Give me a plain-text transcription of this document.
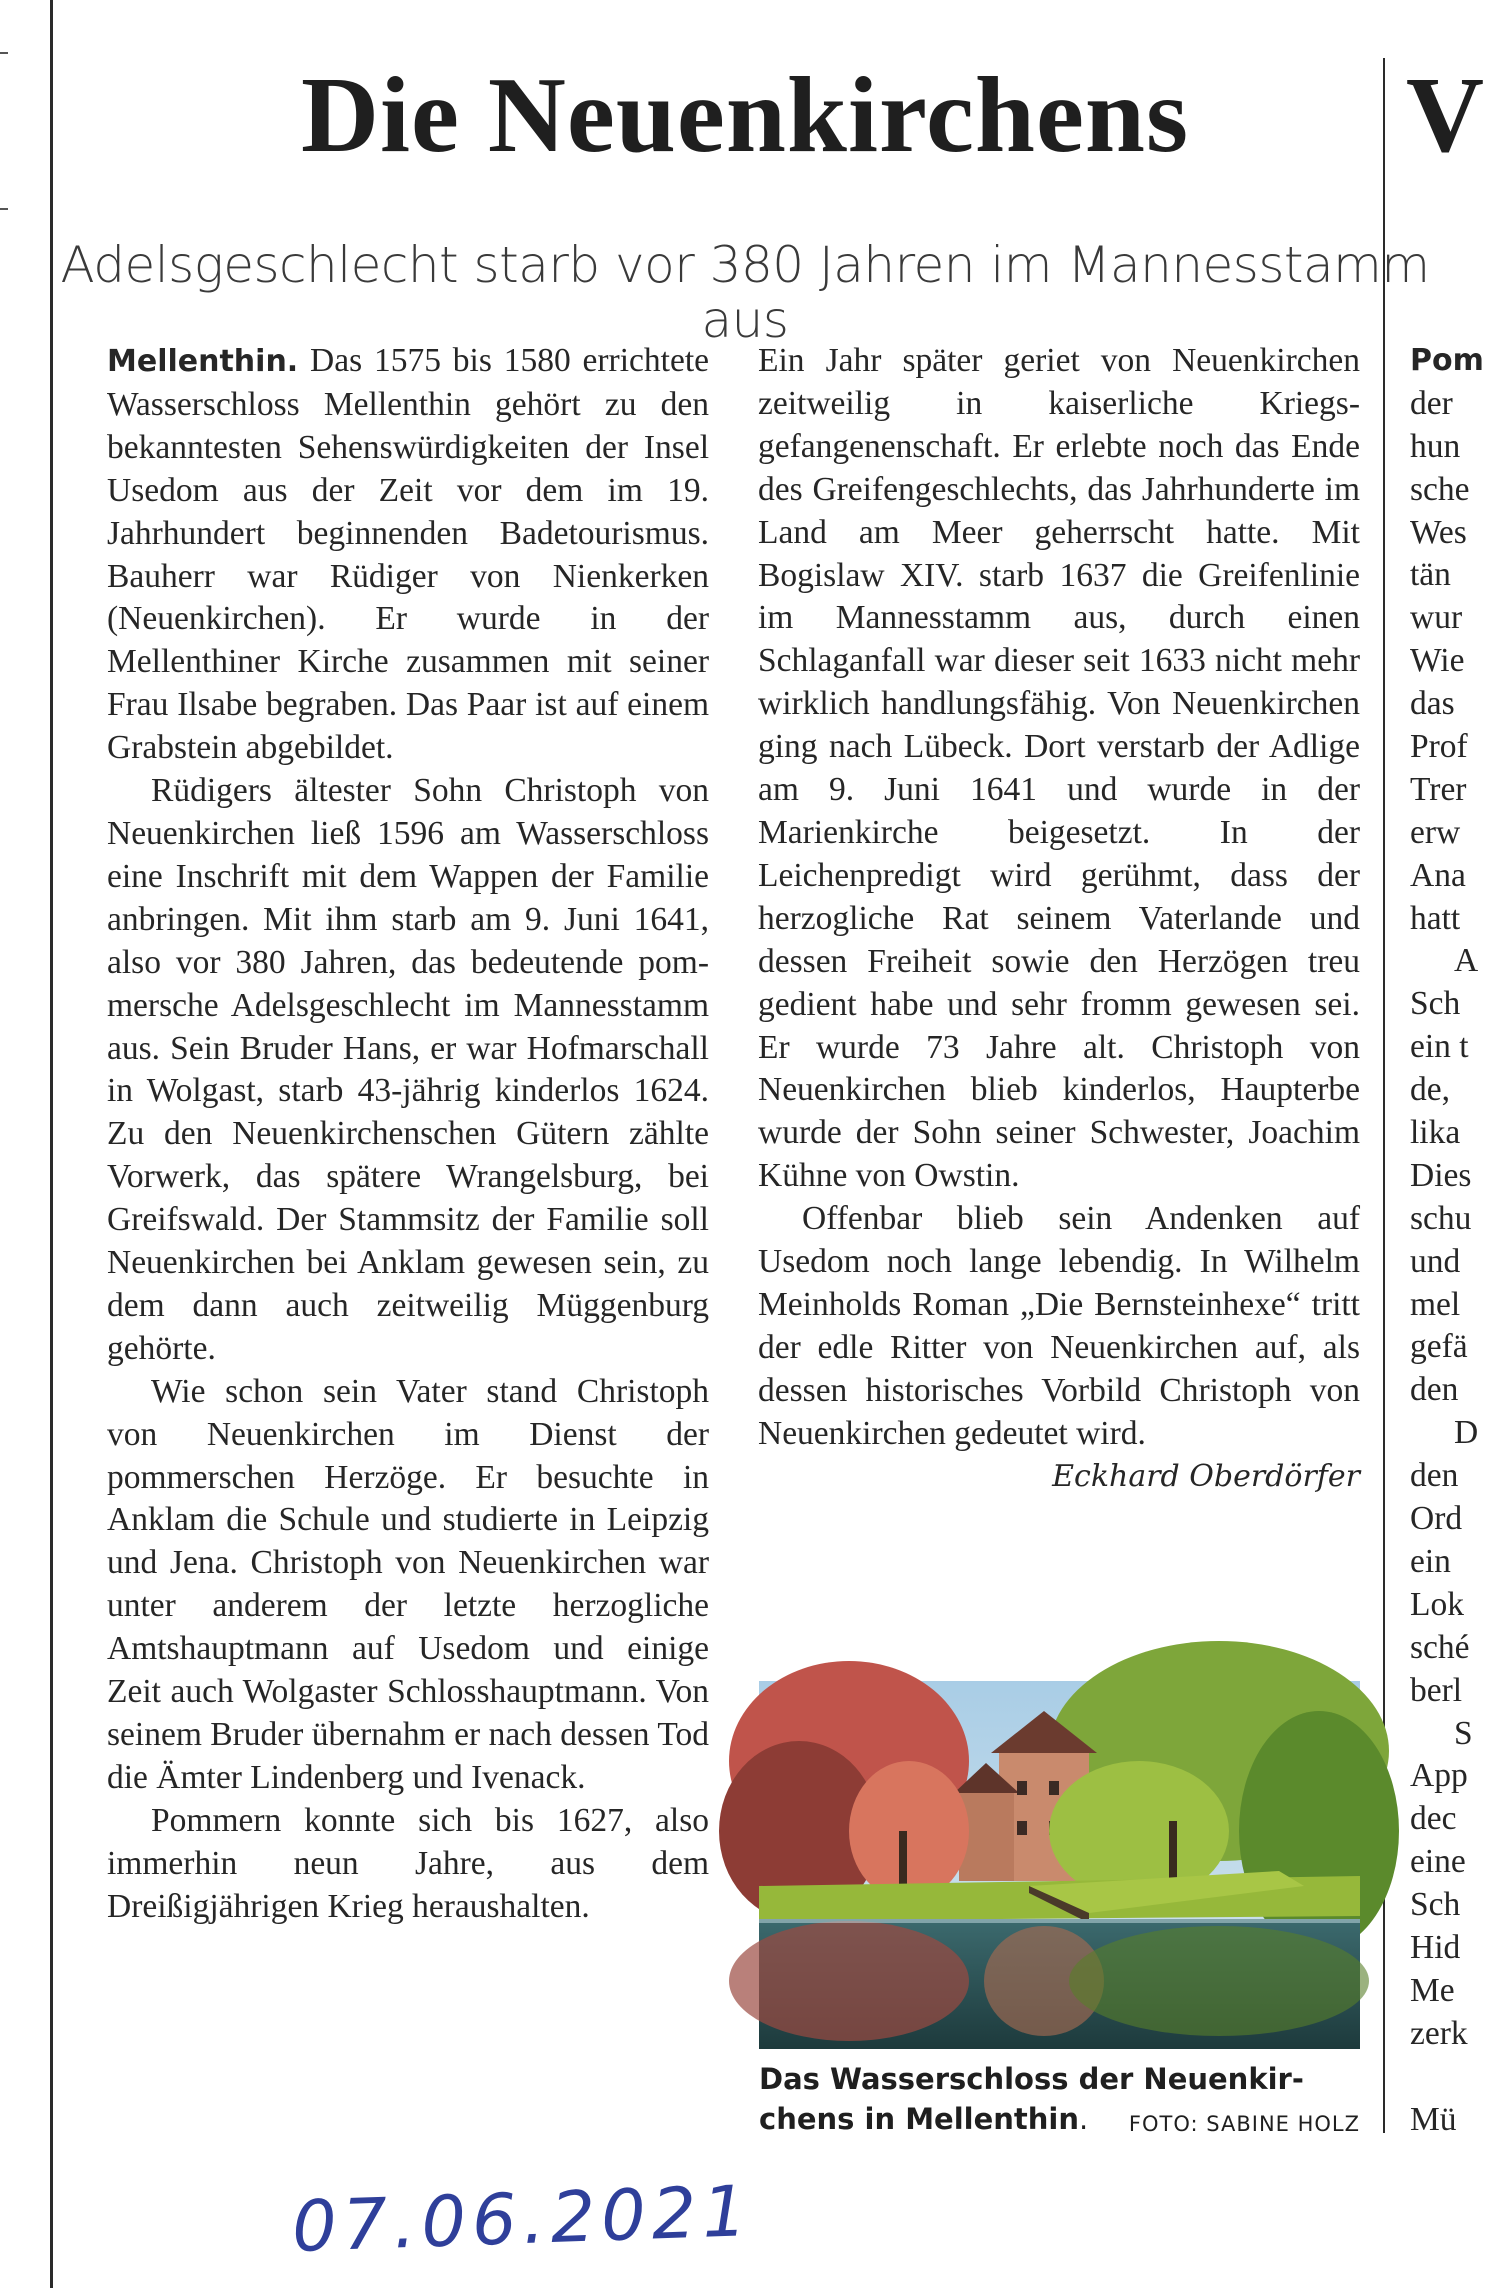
Die Neuenkirchens	V
Adelsgeschlecht starb vor 380 Jahren im Mannesstamm aus

Mellenthin. Das 1575 bis 1580 errichtete Wasserschloss Mellenthin gehört zu den bekanntesten Sehenswürdigkeiten der Insel Usedom aus der Zeit vor dem im 19. Jahrhundert beginnenden Badetourismus. Bauherr war Rüdiger von Nienkerken (Neuenkirchen). Er wurde in der Mellenthiner Kirche zusammen mit seiner Frau Ilsabe begraben. Das Paar ist auf einem Grabstein abgebildet.

Rüdigers ältester Sohn Christoph von Neuenkirchen ließ 1596 am Wasserschloss eine Inschrift mit dem Wappen der Familie anbringen. Mit ihm starb am 9. Juni 1641, also vor 380 Jahren, das bedeutende pommersche Adelsgeschlecht im Mannesstamm aus. Sein Bruder Hans, er war Hofmarschall in Wolgast, starb 43-jährig kinderlos 1624. Zu den Neuenkirchenschen Gütern zählte Vorwerk, das spätere Wrangelsburg, bei Greifswald. Der Stammsitz der Familie soll Neuenkirchen bei Anklam gewesen sein, zu dem dann auch zeitweilig Müggenburg gehörte.

Wie schon sein Vater stand Christoph von Neuenkirchen im Dienst der pommerschen Herzöge. Er besuchte in Anklam die Schule und studierte in Leipzig und Jena. Christoph von Neuenkirchen war unter anderem der letzte herzogliche Amtshauptmann auf Usedom und einige Zeit auch Wolgaster Schlosshauptmann. Von seinem Bruder übernahm er nach dessen Tod die Ämter Lindenberg und Ivenack.

Pommern konnte sich bis 1627, also immerhin neun Jahre, aus dem Dreißigjährigen Krieg heraushalten.

Ein Jahr später geriet von Neuenkirchen zeitweilig in kaiserliche Kriegsgefangenenschaft. Er erlebte noch das Ende des Greifengeschlechts, das Jahrhunderte im Land am Meer geherrscht hatte. Mit Bogislaw XIV. starb 1637 die Greifenlinie im Mannesstamm aus, durch einen Schlaganfall war dieser seit 1633 nicht mehr wirklich handlungsfähig. Von Neuenkirchen ging nach Lübeck. Dort verstarb der Adlige am 9. Juni 1641 und wurde in der Marienkirche beigesetzt. In der Leichenpredigt wird gerühmt, dass der herzogliche Rat seinem Vaterlande und dessen Freiheit sowie den Herzögen treu gedient habe und sehr fromm gewesen sei. Er wurde 73 Jahre alt. Christoph von Neuenkirchen blieb kinderlos, Haupterbe wurde der Sohn seiner Schwester, Joachim Kühne von Owstin.

Offenbar blieb sein Andenken auf Usedom noch lange lebendig. In Wilhelm Meinholds Roman „Die Bernsteinhexe“ tritt der edle Ritter von Neuenkirchen auf, als dessen historisches Vorbild Christoph von Neuenkirchen gedeutet wird.

Eckhard Oberdörfer

Das Wasserschloss der Neuenkir-
chens in Mellenthin.	FOTO: SABINE HOLZ
Pom
der
hun
sche
Wes
tän
wur
Wie
das
Prof
Trer
erw
Ana
hatt
A
Sch
ein t
de,
lika
Dies
schu
und
mel
gefä
den
D
den
Ord
ein
Lok
sché
berl
S
App
dec
eine
Sch
Hid
Me
zerk
Mü
07.06.2021
